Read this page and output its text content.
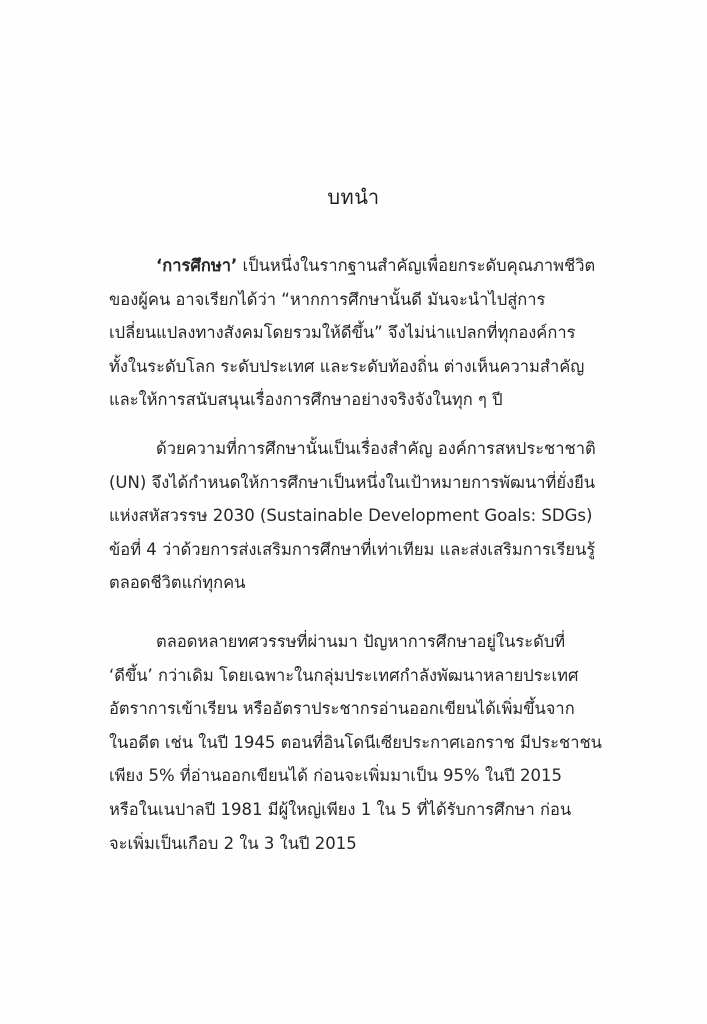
บทนำ
‘การศึกษา’ เป็นหนึ่งในรากฐานสำคัญเพื่อยกระดับคุณภาพชีวิต
ของผู้คน อาจเรียกได้ว่า “หากการศึกษานั้นดี มันจะนำไปสู่การ
เปลี่ยนแปลงทางสังคมโดยรวมให้ดีขึ้น” จึงไม่น่าแปลกที่ทุกองค์การ
ทั้งในระดับโลก ระดับประเทศ และระดับท้องถิ่น ต่างเห็นความสำคัญ
และให้การสนับสนุนเรื่องการศึกษาอย่างจริงจังในทุก ๆ ปี
ด้วยความที่การศึกษานั้นเป็นเรื่องสำคัญ องค์การสหประชาชาติ
(UN) จึงได้กำหนดให้การศึกษาเป็นหนึ่งในเป้าหมายการพัฒนาที่ยั่งยืน
แห่งสหัสวรรษ 2030 (Sustainable Development Goals: SDGs)
ข้อที่ 4 ว่าด้วยการส่งเสริมการศึกษาที่เท่าเทียม และส่งเสริมการเรียนรู้
ตลอดชีวิตแก่ทุกคน
ตลอดหลายทศวรรษที่ผ่านมา ปัญหาการศึกษาอยู่ในระดับที่
‘ดีขึ้น’ กว่าเดิม โดยเฉพาะในกลุ่มประเทศกำลังพัฒนาหลายประเทศ
อัตราการเข้าเรียน หรืออัตราประชากรอ่านออกเขียนได้เพิ่มขึ้นจาก
ในอดีต เช่น ในปี 1945 ตอนที่อินโดนีเซียประกาศเอกราช มีประชาชน
เพียง 5% ที่อ่านออกเขียนได้ ก่อนจะเพิ่มมาเป็น 95% ในปี 2015
หรือในเนปาลปี 1981 มีผู้ใหญ่เพียง 1 ใน 5 ที่ได้รับการศึกษา ก่อน
จะเพิ่มเป็นเกือบ 2 ใน 3 ในปี 2015
